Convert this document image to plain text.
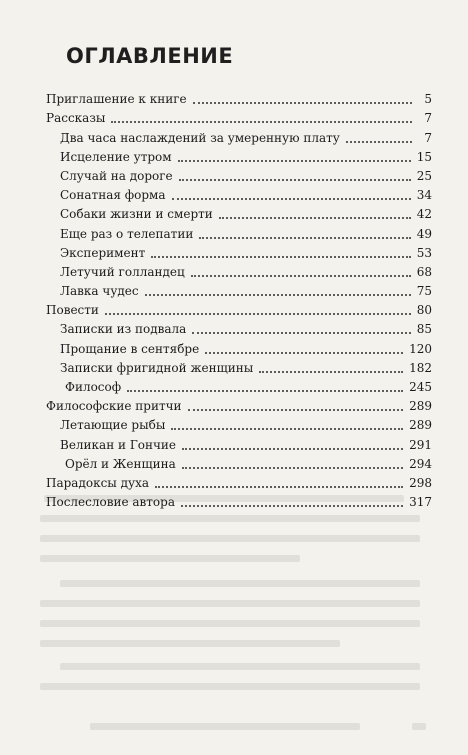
ОГЛАВЛЕНИЕ
Приглашение к книге	5
Рассказы	7
Два часа наслаждений за умеренную плату	7
Исцеление утром	15
Случай на дороге	25
Сонатная форма	34
Собаки жизни и смерти	42
Еще раз о телепатии	49
Эксперимент	53
Летучий голландец	68
Лавка чудес	75
Повести	80
Записки из подвала	85
Прощание в сентябре	120
Записки фригидной женщины	182
Философ	245
Философские притчи	289
Летающие рыбы	289
Великан и Гончие	291
Орёл и Женщина	294
Парадоксы духа	298
Послесловие автора	317
